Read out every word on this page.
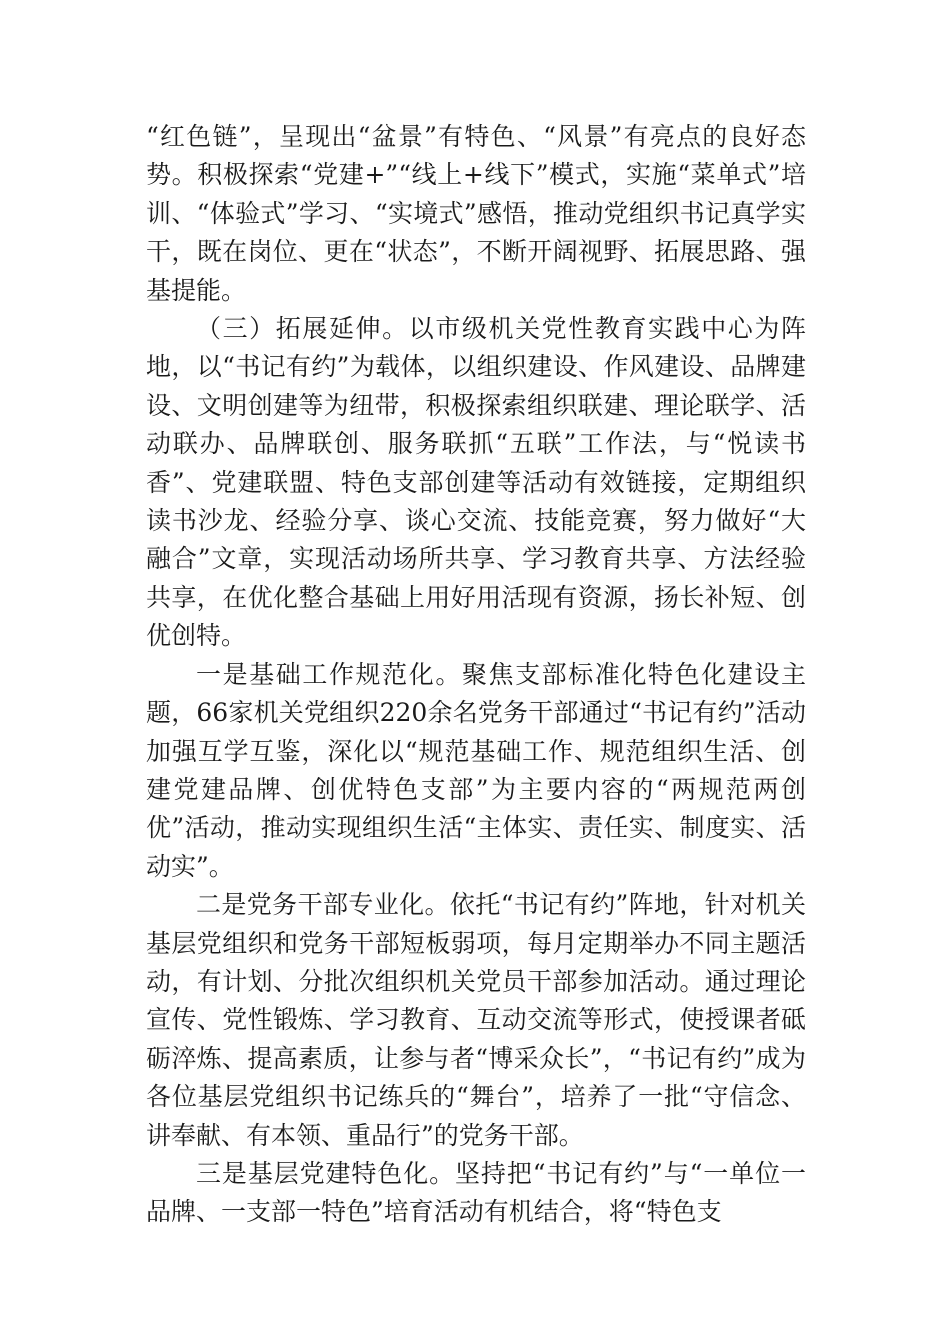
“红色链”，呈现出“盆景”有特色、“风景”有亮点的良好态势。积极探索“党建+”“线上+线下”模式，实施“菜单式”培训、“体验式”学习、“实境式”感悟，推动党组织书记真学实干，既在岗位、更在“状态”，不断开阔视野、拓展思路、强基提能。

（三）拓展延伸。以市级机关党性教育实践中心为阵地，以“书记有约”为载体，以组织建设、作风建设、品牌建设、文明创建等为纽带，积极探索组织联建、理论联学、活动联办、品牌联创、服务联抓“五联”工作法，与“悦读书香”、党建联盟、特色支部创建等活动有效链接，定期组织读书沙龙、经验分享、谈心交流、技能竞赛，努力做好“大融合”文章，实现活动场所共享、学习教育共享、方法经验共享，在优化整合基础上用好用活现有资源，扬长补短、创优创特。

一是基础工作规范化。聚焦支部标准化特色化建设主题，66家机关党组织220余名党务干部通过“书记有约”活动加强互学互鉴，深化以“规范基础工作、规范组织生活、创建党建品牌、创优特色支部”为主要内容的“两规范两创优”活动，推动实现组织生活“主体实、责任实、制度实、活动实”。

二是党务干部专业化。依托“书记有约”阵地，针对机关基层党组织和党务干部短板弱项，每月定期举办不同主题活动，有计划、分批次组织机关党员干部参加活动。通过理论宣传、党性锻炼、学习教育、互动交流等形式，使授课者砥砺淬炼、提高素质，让参与者“博采众长”，“书记有约”成为各位基层党组织书记练兵的“舞台”，培养了一批“守信念、讲奉献、有本领、重品行”的党务干部。

三是基层党建特色化。坚持把“书记有约”与“一单位一品牌、一支部一特色”培育活动有机结合，将“特色支
